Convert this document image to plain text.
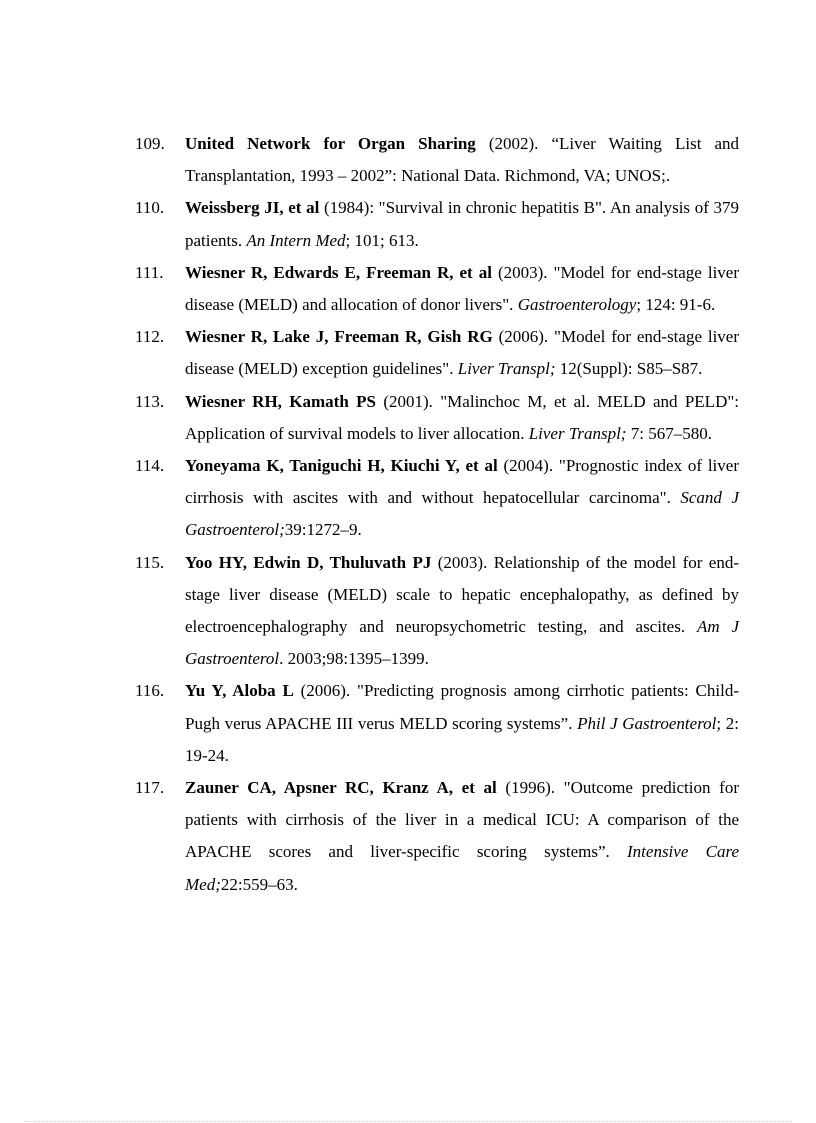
109.	United Network for Organ Sharing (2002). “Liver Waiting List and Transplantation, 1993 – 2002”: National Data. Richmond, VA; UNOS;.
110.	Weissberg JI, et al (1984): "Survival in chronic hepatitis B". An analysis of 379 patients. An Intern Med; 101; 613.
111.	Wiesner R, Edwards E, Freeman R, et al (2003). "Model for end-stage liver disease (MELD) and allocation of donor livers". Gastroenterology; 124: 91-6.
112.	Wiesner R, Lake J, Freeman R, Gish RG (2006). "Model for end-stage liver disease (MELD) exception guidelines". Liver Transpl; 12(Suppl): S85–S87.
113.	Wiesner RH, Kamath PS (2001). "Malinchoc M, et al. MELD and PELD": Application of survival models to liver allocation. Liver Transpl; 7: 567–580.
114.	Yoneyama K, Taniguchi H, Kiuchi Y, et al (2004). "Prognostic index of liver cirrhosis with ascites with and without hepatocellular carcinoma". Scand J Gastroenterol;39:1272–9.
115.	Yoo HY, Edwin D, Thuluvath PJ (2003). Relationship of the model for end-stage liver disease (MELD) scale to hepatic encephalopathy, as defined by electroencephalography and neuropsychometric testing, and ascites. Am J Gastroenterol. 2003;98:1395–1399.
116.	Yu Y, Aloba L (2006). "Predicting prognosis among cirrhotic patients: Child-Pugh verus APACHE III verus MELD scoring systems”. Phil J Gastroenterol; 2: 19-24.
117.	Zauner CA, Apsner RC, Kranz A, et al (1996). "Outcome prediction for patients with cirrhosis of the liver in a medical ICU: A comparison of the APACHE scores and liver-specific scoring systems”. Intensive Care Med;22:559–63.
